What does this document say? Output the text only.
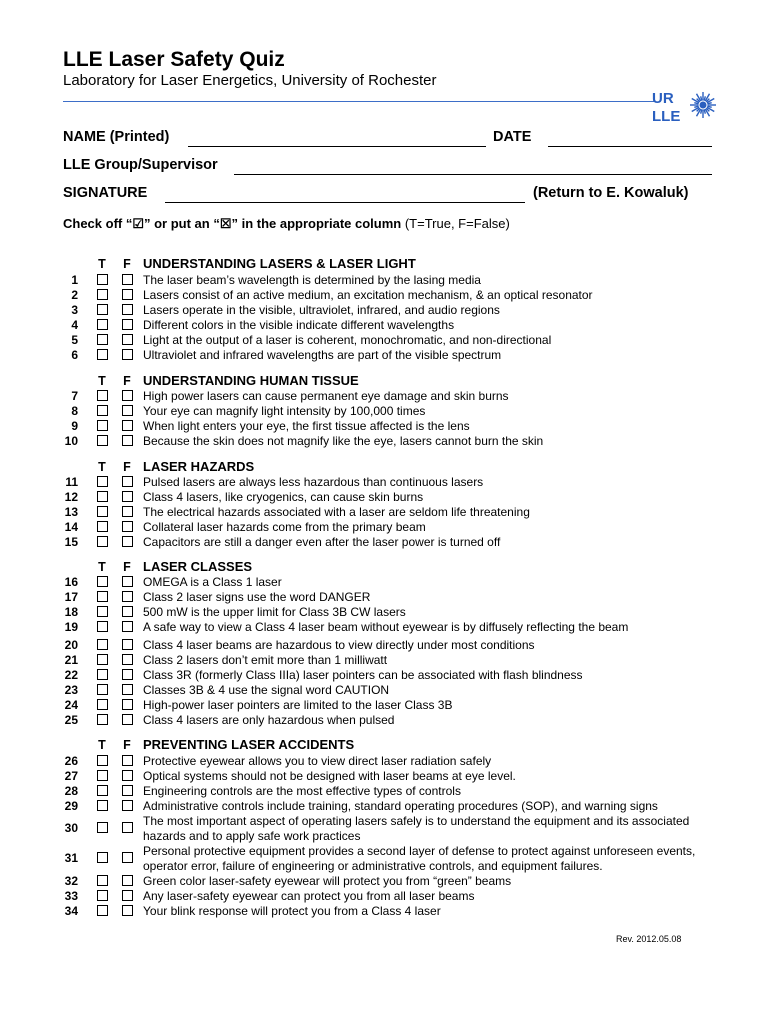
LLE Laser Safety Quiz
Laboratory for Laser Energetics, University of Rochester
UR
LLE
NAME (Printed)	DATE
LLE Group/Supervisor
SIGNATURE	(Return to E. Kowaluk)
Check off “☑” or put an “☒” in the appropriate column (T=True, F=False)
T F UNDERSTANDING LASERS & LASER LIGHT
1	The laser beam’s wavelength is determined by the lasing media
2	Lasers consist of an active medium, an excitation mechanism, & an optical resonator
3	Lasers operate in the visible, ultraviolet, infrared, and audio regions
4	Different colors in the visible indicate different wavelengths
5	Light at the output of a laser is coherent, monochromatic, and non-directional
6	Ultraviolet and infrared wavelengths are part of the visible spectrum
T F UNDERSTANDING HUMAN TISSUE
7	High power lasers can cause permanent eye damage and skin burns
8	Your eye can magnify light intensity by 100,000 times
9	When light enters your eye, the first tissue affected is the lens
10	Because the skin does not magnify like the eye, lasers cannot burn the skin
T F LASER HAZARDS
11	Pulsed lasers are always less hazardous than continuous lasers
12	Class 4 lasers, like cryogenics, can cause skin burns
13	The electrical hazards associated with a laser are seldom life threatening
14	Collateral laser hazards come from the primary beam
15	Capacitors are still a danger even after the laser power is turned off
T F LASER CLASSES
16	OMEGA is a Class 1 laser
17	Class 2 laser signs use the word DANGER
18	500 mW is the upper limit for Class 3B CW lasers
19	A safe way to view a Class 4 laser beam without eyewear is by diffusely reflecting the beam
20	Class 4 laser beams are hazardous to view directly under most conditions
21	Class 2 lasers don’t emit more than 1 milliwatt
22	Class 3R (formerly Class IIIa) laser pointers can be associated with flash blindness
23	Classes 3B & 4 use the signal word CAUTION
24	High-power laser pointers are limited to the laser Class 3B
25	Class 4 lasers are only hazardous when pulsed
T F PREVENTING LASER ACCIDENTS
26	Protective eyewear allows you to view direct laser radiation safely
27	Optical systems should not be designed with laser beams at eye level.
28	Engineering controls are the most effective types of controls
29	Administrative controls include training, standard operating procedures (SOP), and warning signs
30	The most important aspect of operating lasers safely is to understand the equipment and its associated hazards and to apply safe work practices
31	Personal protective equipment provides a second layer of defense to protect against unforeseen events, operator error, failure of engineering or administrative controls, and equipment failures.
32	Green color laser-safety eyewear will protect you from “green” beams
33	Any laser-safety eyewear can protect you from all laser beams
34	Your blink response will protect you from a Class 4 laser
Rev. 2012.05.08
